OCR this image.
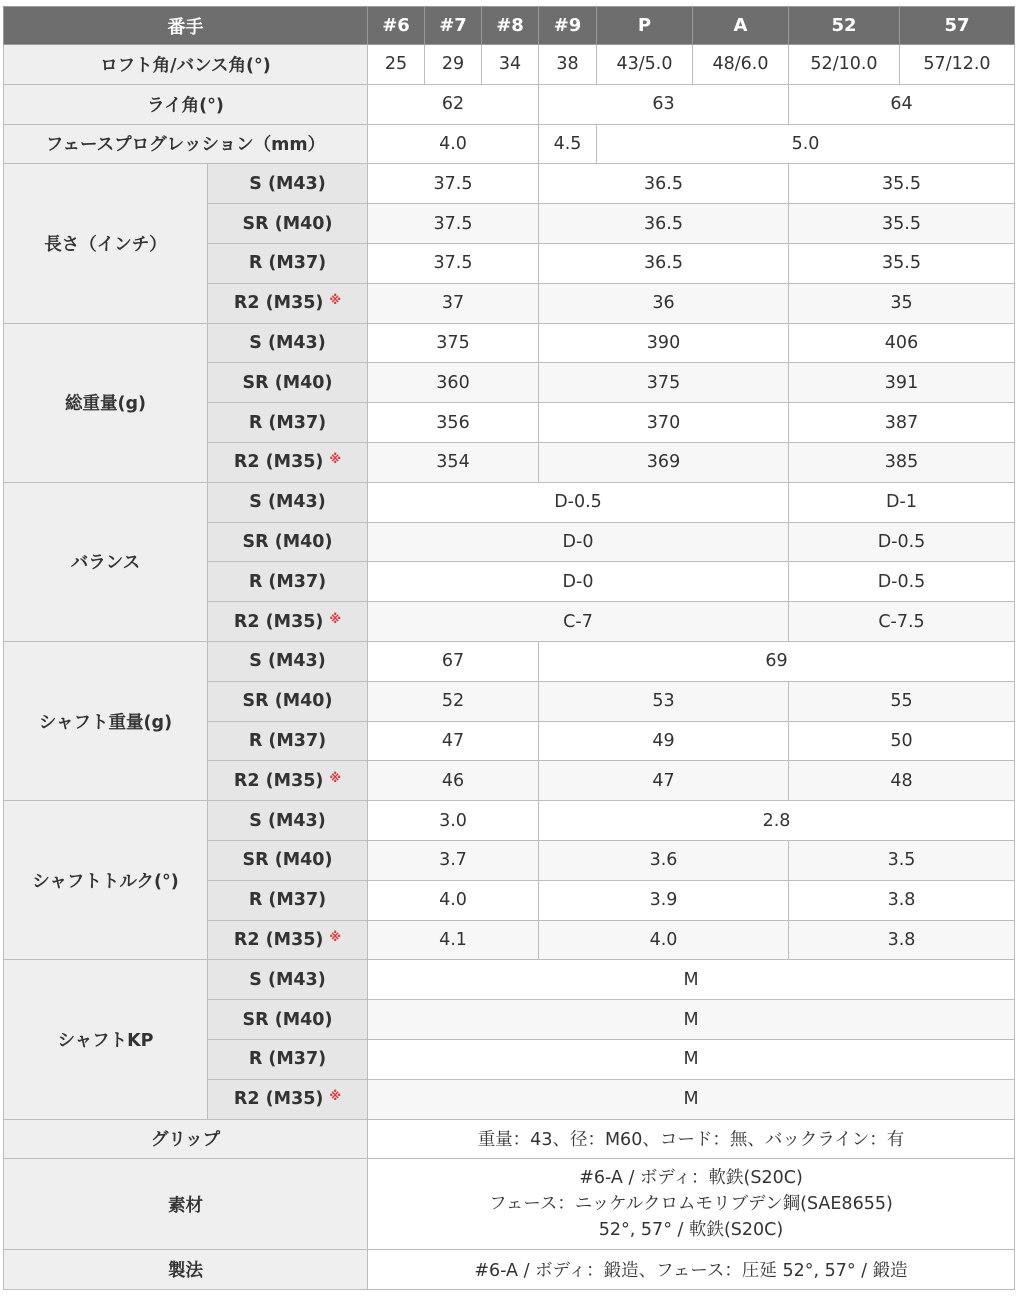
番手		#6	#7	#8	#9	P	A	52	57
ロフト角/バンス角(°)		25	29	34	38	43/5.0	48/6.0	52/10.0	57/12.0
ライ角(°)		62			63			64	
フェースプログレッション（mm）		4.0			4.5	5.0			
長さ（インチ）	S (M43)	37.5			36.5			35.5	
	SR (M40)	37.5			36.5			35.5	
	R (M37)	37.5			36.5			35.5	
	R2 (M35) ※	37			36			35	
総重量(g)	S (M43)	375			390			406	
	SR (M40)	360			375			391	
	R (M37)	356			370			387	
	R2 (M35) ※	354			369			385	
バランス	S (M43)	D-0.5						D-1	
	SR (M40)	D-0						D-0.5	
	R (M37)	D-0						D-0.5	
	R2 (M35) ※	C-7						C-7.5	
シャフト重量(g)	S (M43)	67			69				
	SR (M40)	52			53			55	
	R (M37)	47			49			50	
	R2 (M35) ※	46			47			48	
シャフトトルク(°)	S (M43)	3.0			2.8				
	SR (M40)	3.7			3.6			3.5	
	R (M37)	4.0			3.9			3.8	
	R2 (M35) ※	4.1			4.0			3.8	
シャフトKP	S (M43)	M							
	SR (M40)	M							
	R (M37)	M							
	R2 (M35) ※	M							
グリップ		重量：43、径：M60、コード：無、バックライン：有							
素材		#6-A / ボディ：軟鉄(S20C)
フェース：ニッケルクロムモリブデン鋼(SAE8655)
52°, 57° / 軟鉄(S20C)							

製法		#6-A / ボディ：鍛造、フェース：圧延 52°, 57° / 鍛造							
